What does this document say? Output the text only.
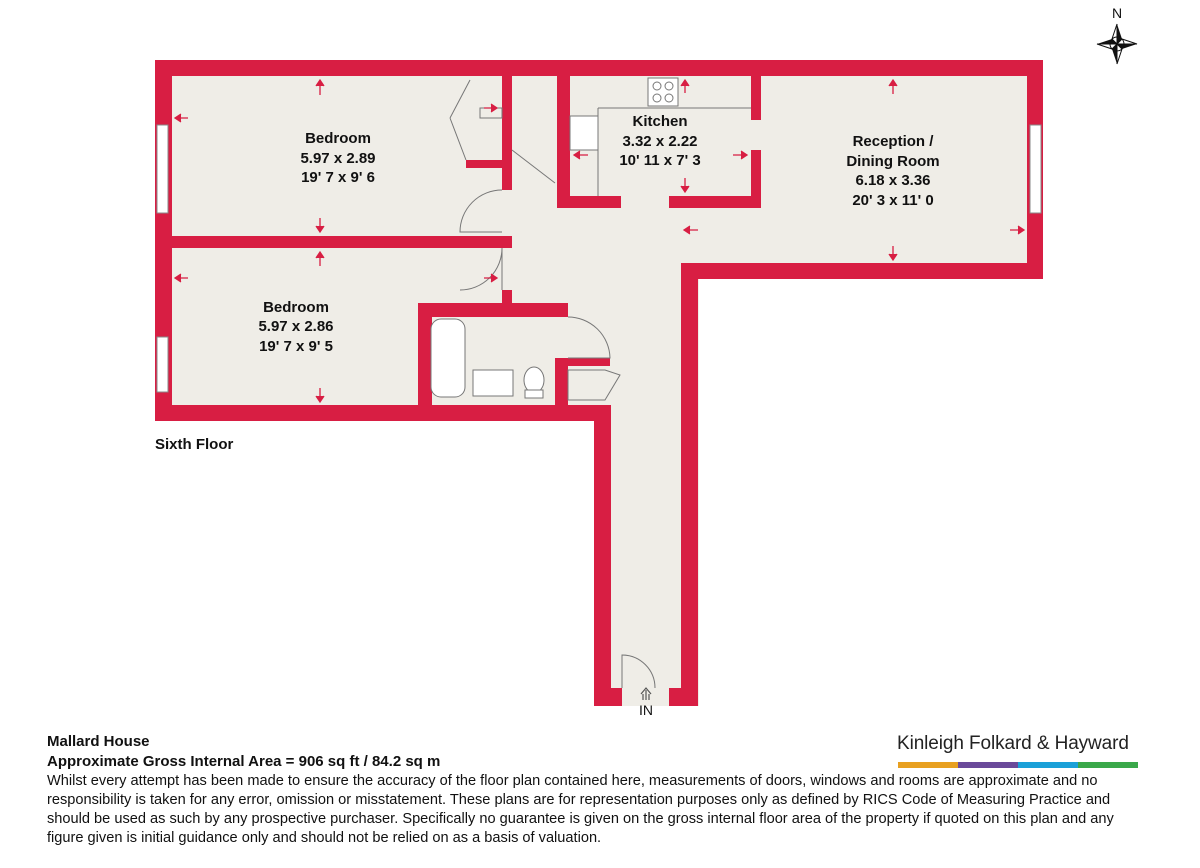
IN
N
Bedroom
5.97 x 2.89
19' 7 x 9' 6
Bedroom
5.97 x 2.86
19' 7 x 9' 5
Kitchen
3.32 x 2.22
10' 11 x 7' 3
Reception /
Dining Room
6.18 x 3.36
20' 3 x 11' 0
Sixth Floor
Mallard House
Approximate Gross Internal Area = 906 sq ft / 84.2 sq m
Whilst every attempt has been made to ensure the accuracy of the floor plan contained here, measurements of doors, windows and rooms are approximate and no responsibility is taken for any error, omission or misstatement. These plans are for representation purposes only as defined by RICS Code of Measuring Practice and should be used as such by any prospective purchaser. Specifically no guarantee is given on the gross internal floor area of the property if quoted on this plan and any figure given is initial guidance only and should not be relied on as a basis of valuation.
Kinleigh Folkard & Hayward
